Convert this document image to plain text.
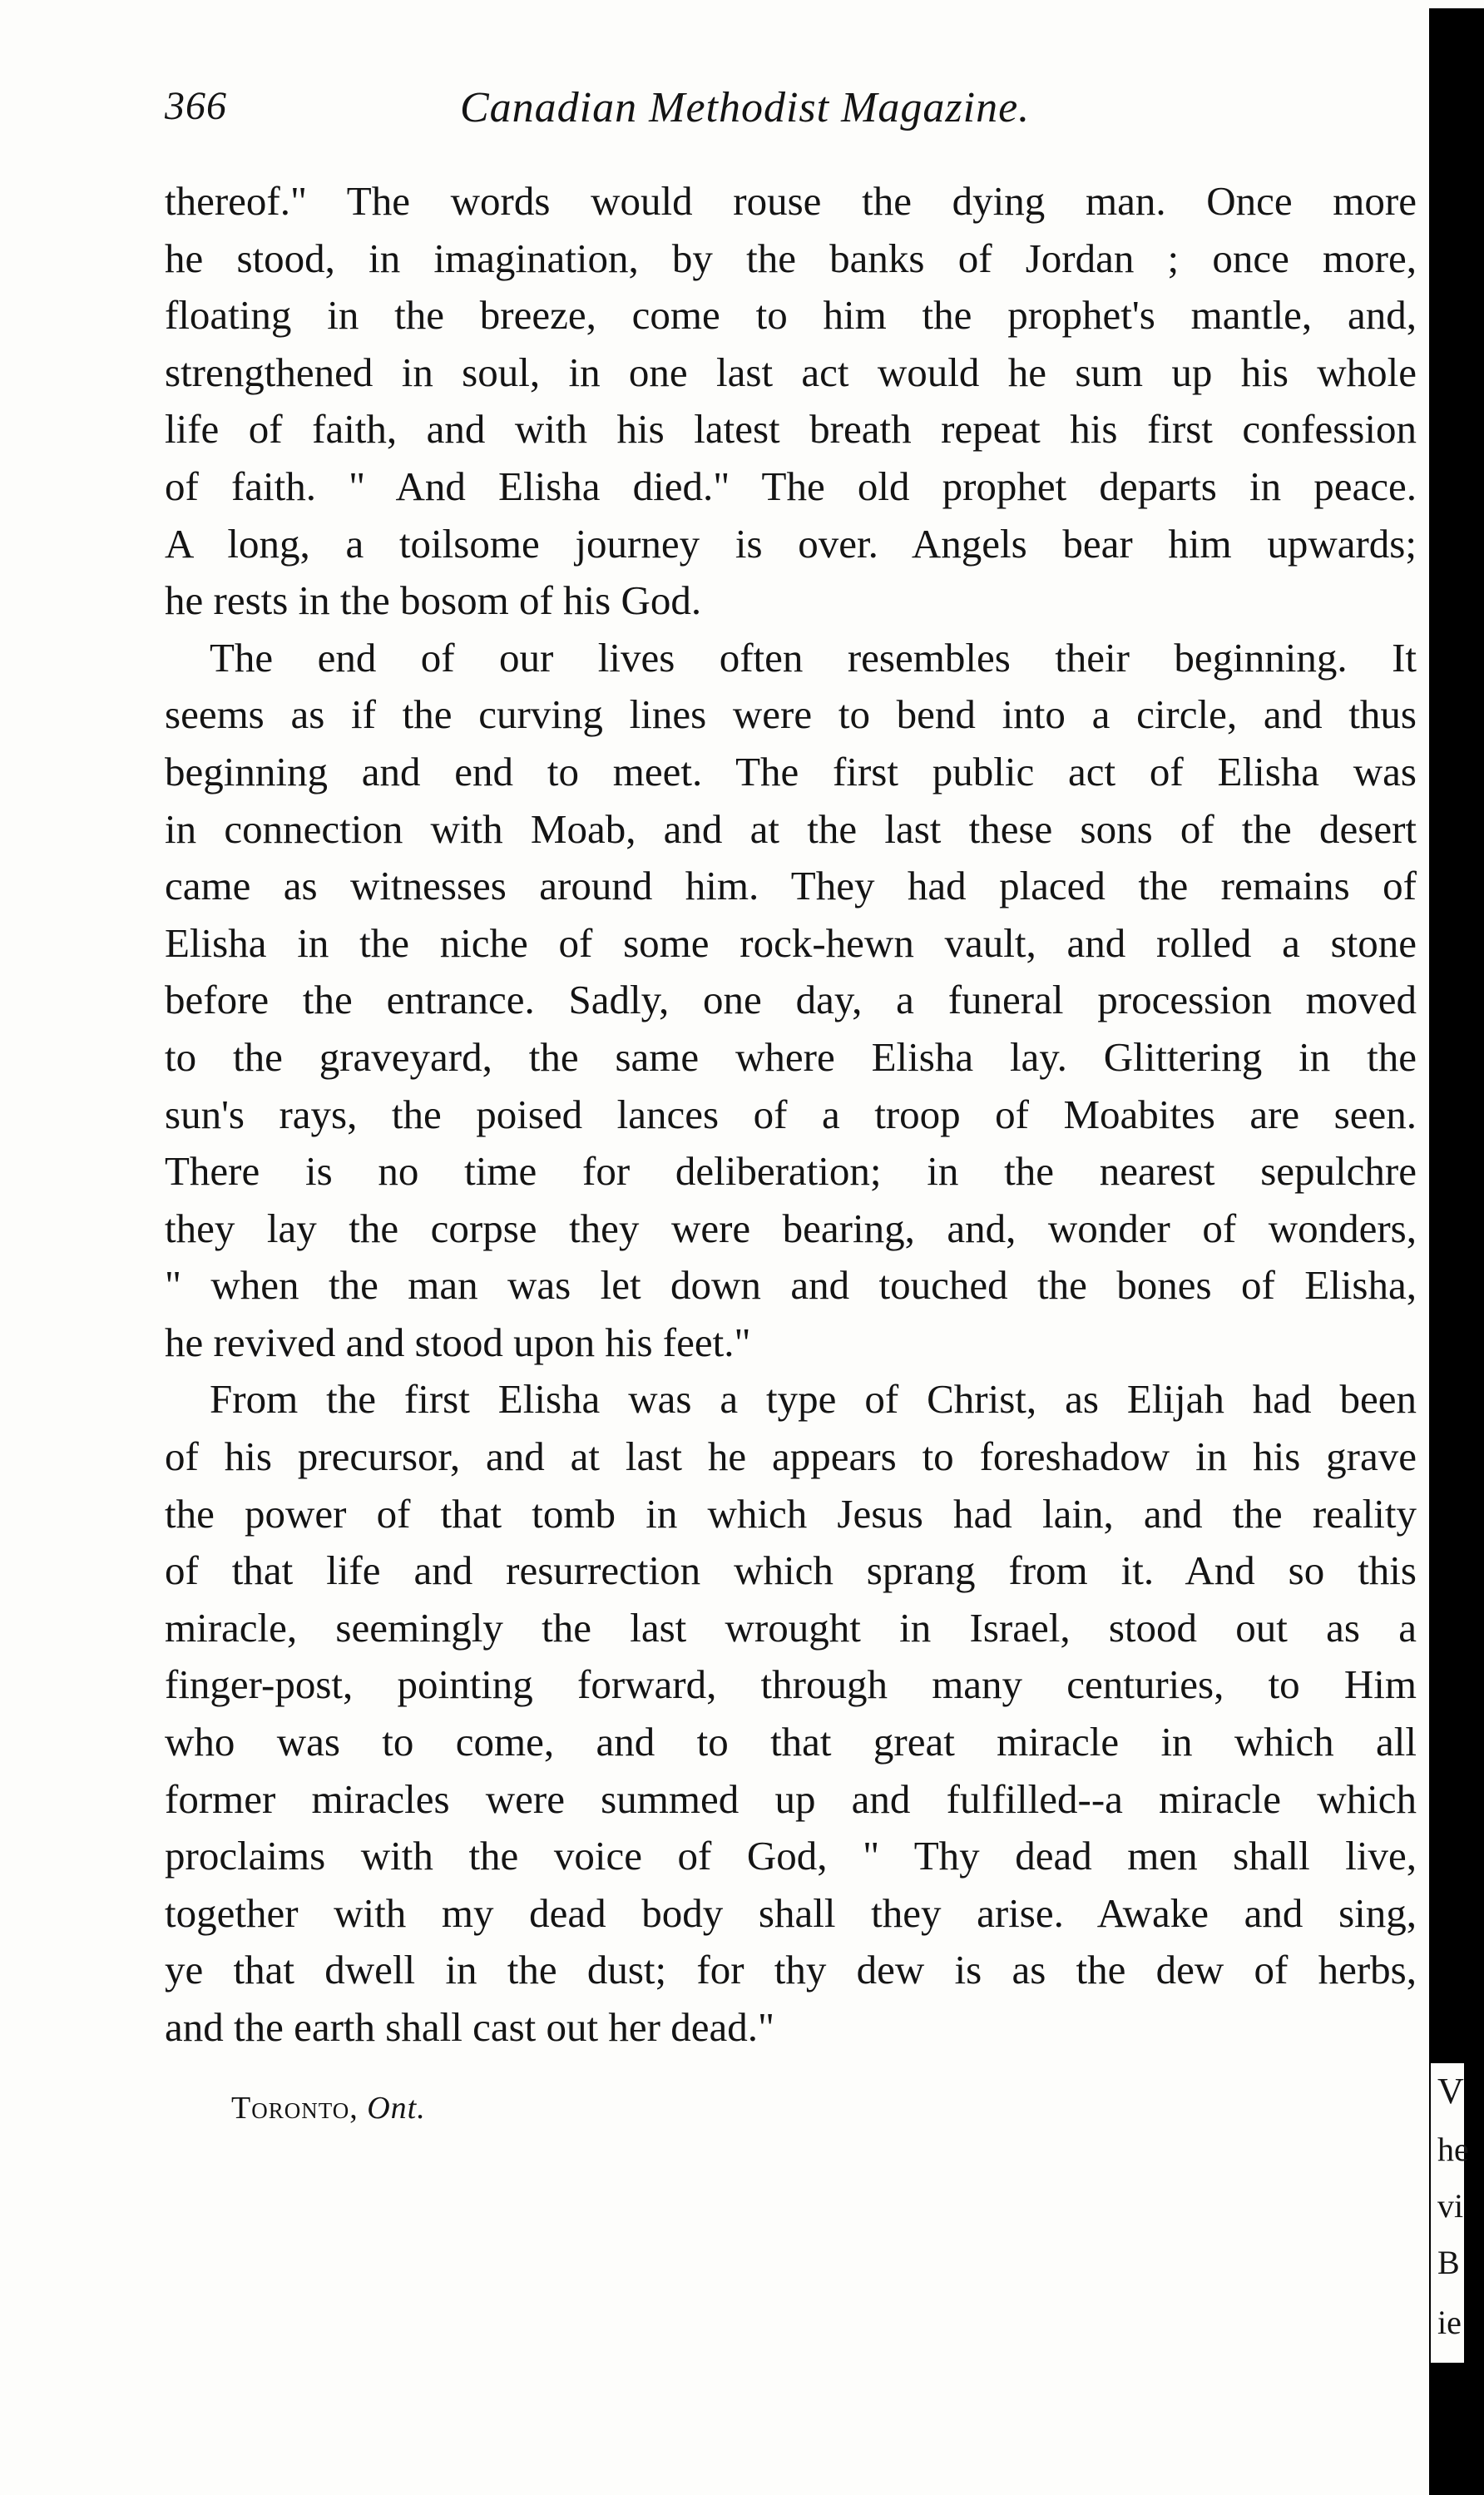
366	Canadian Methodist Magazine.
thereof." The words would rouse the dying man. Once more
he stood, in imagination, by the banks of Jordan ; once more,
floating in the breeze, come to him the prophet's mantle, and,
strengthened in soul, in one last act would he sum up his whole
life of faith, and with his latest breath repeat his first confession
of faith. " And Elisha died." The old prophet departs in peace.
A long, a toilsome journey is over. Angels bear him upwards;
he rests in the bosom of his God.
The end of our lives often resembles their beginning. It
seems as if the curving lines were to bend into a circle, and thus
beginning and end to meet. The first public act of Elisha was
in connection with Moab, and at the last these sons of the desert
came as witnesses around him. They had placed the remains of
Elisha in the niche of some rock-hewn vault, and rolled a stone
before the entrance. Sadly, one day, a funeral procession moved
to the graveyard, the same where Elisha lay. Glittering in the
sun's rays, the poised lances of a troop of Moabites are seen.
There is no time for deliberation; in the nearest sepulchre
they lay the corpse they were bearing, and, wonder of wonders,
" when the man was let down and touched the bones of Elisha,
he revived and stood upon his feet."
From the first Elisha was a type of Christ, as Elijah had been
of his precursor, and at last he appears to foreshadow in his grave
the power of that tomb in which Jesus had lain, and the reality
of that life and resurrection which sprang from it. And so this
miracle, seemingly the last wrought in Israel, stood out as a
finger-post, pointing forward, through many centuries, to Him
who was to come, and to that great miracle in which all
former miracles were summed up and fulfilled--a miracle which
proclaims with the voice of God, " Thy dead men shall live,
together with my dead body shall they arise. Awake and sing,
ye that dwell in the dust; for thy dew is as the dew of herbs,
and the earth shall cast out her dead."
Toronto, Ont.	V
he
vi
B
ie
